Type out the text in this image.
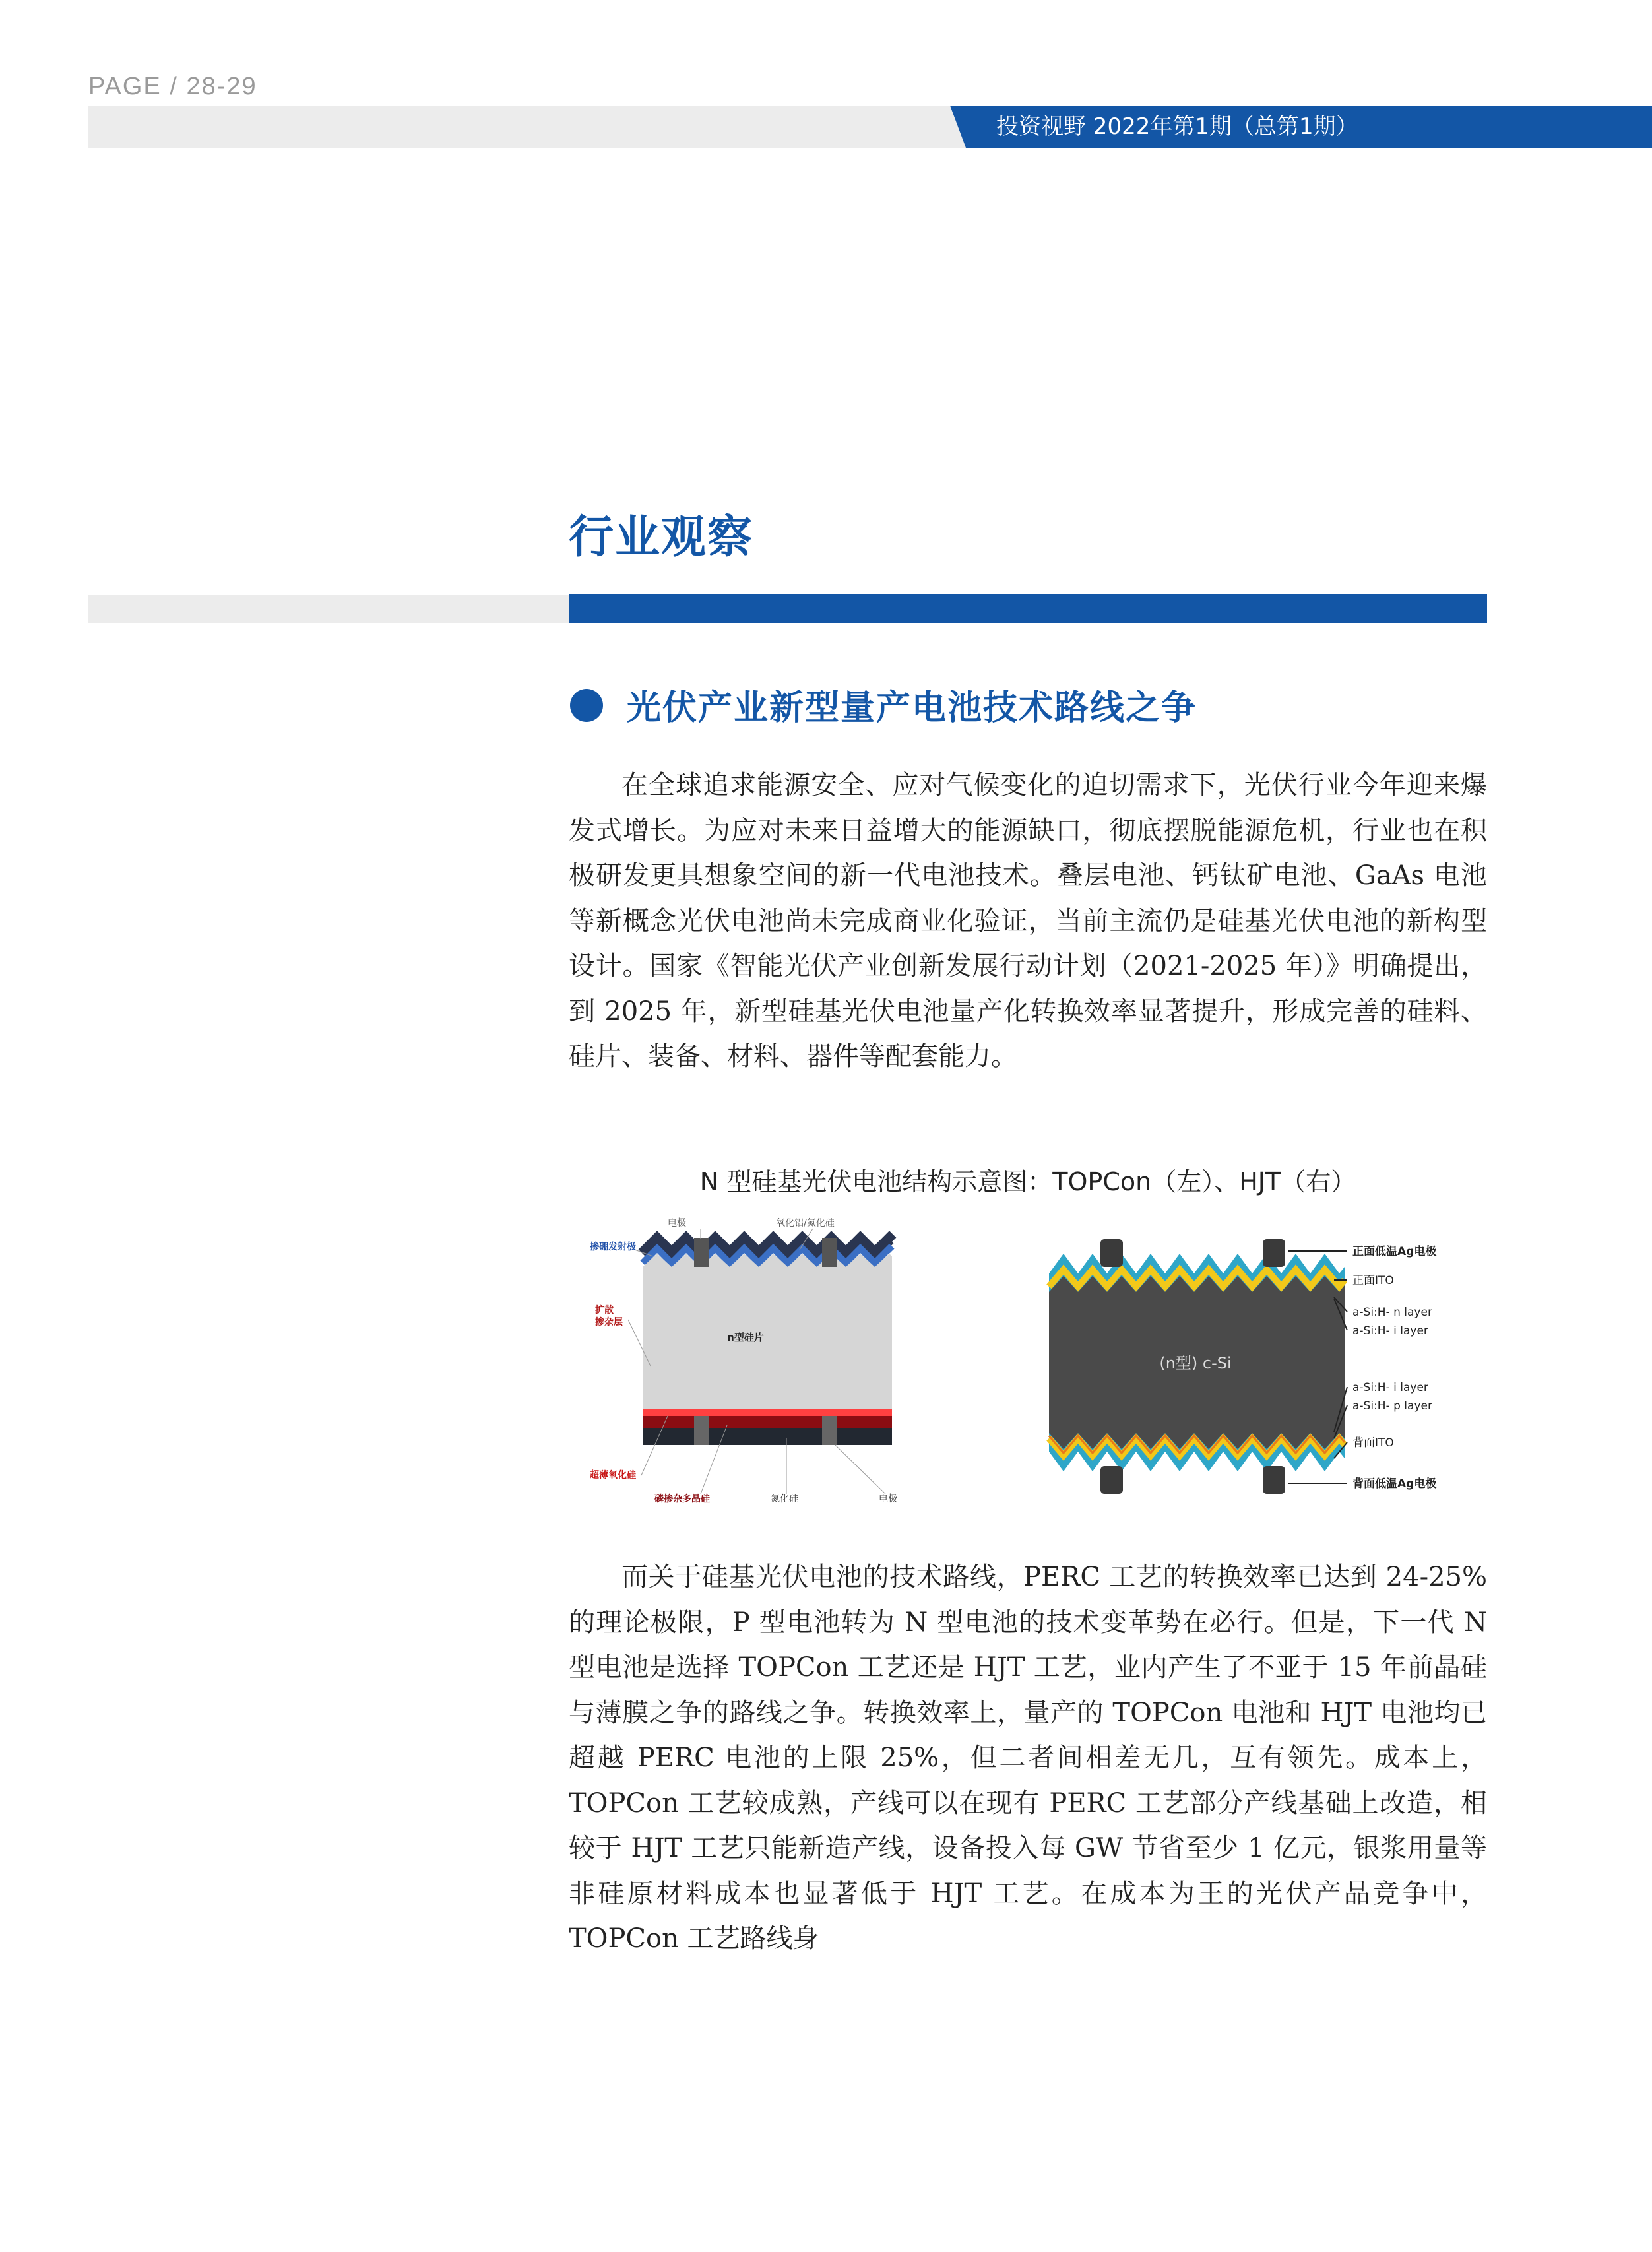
PAGE / 28-29
投资视野 2022年第1期（总第1期）
行业观察
光伏产业新型量产电池技术路线之争
在全球追求能源安全、应对气候变化的迫切需求下，光伏行业今年迎来爆发式增长。为应对未来日益增大的能源缺口，彻底摆脱能源危机，行业也在积极研发更具想象空间的新一代电池技术。叠层电池、钙钛矿电池、GaAs 电池等新概念光伏电池尚未完成商业化验证，当前主流仍是硅基光伏电池的新构型设计。国家《智能光伏产业创新发展行动计划（2021-2025 年）》明确提出，到 2025 年，新型硅基光伏电池量产化转换效率显著提升，形成完善的硅料、硅片、装备、材料、器件等配套能力。
N 型硅基光伏电池结构示意图：TOPCon（左）、HJT（右）
电极	氧化铝/氮化硅
掺硼发射极
扩散
掺杂层
n型硅片
超薄氧化硅
磷掺杂多晶硅	氮化硅	电极
(n型) c-Si
正面低温Ag电极
正面ITO
a-Si:H- n layer
a-Si:H- i layer
a-Si:H- i layer
a-Si:H- p layer
背面ITO
背面低温Ag电极
而关于硅基光伏电池的技术路线，PERC 工艺的转换效率已达到 24-25% 的理论极限，P 型电池转为 N 型电池的技术变革势在必行。但是，下一代 N 型电池是选择 TOPCon 工艺还是 HJT 工艺，业内产生了不亚于 15 年前晶硅与薄膜之争的路线之争。转换效率上，量产的 TOPCon 电池和 HJT 电池均已超越 PERC 电池的上限 25%，但二者间相差无几，互有领先。成本上，TOPCon 工艺较成熟，产线可以在现有 PERC 工艺部分产线基础上改造，相较于 HJT 工艺只能新造产线，设备投入每 GW 节省至少 1 亿元，银浆用量等非硅原材料成本也显著低于 HJT 工艺。在成本为王的光伏产品竞争中，TOPCon 工艺路线身
